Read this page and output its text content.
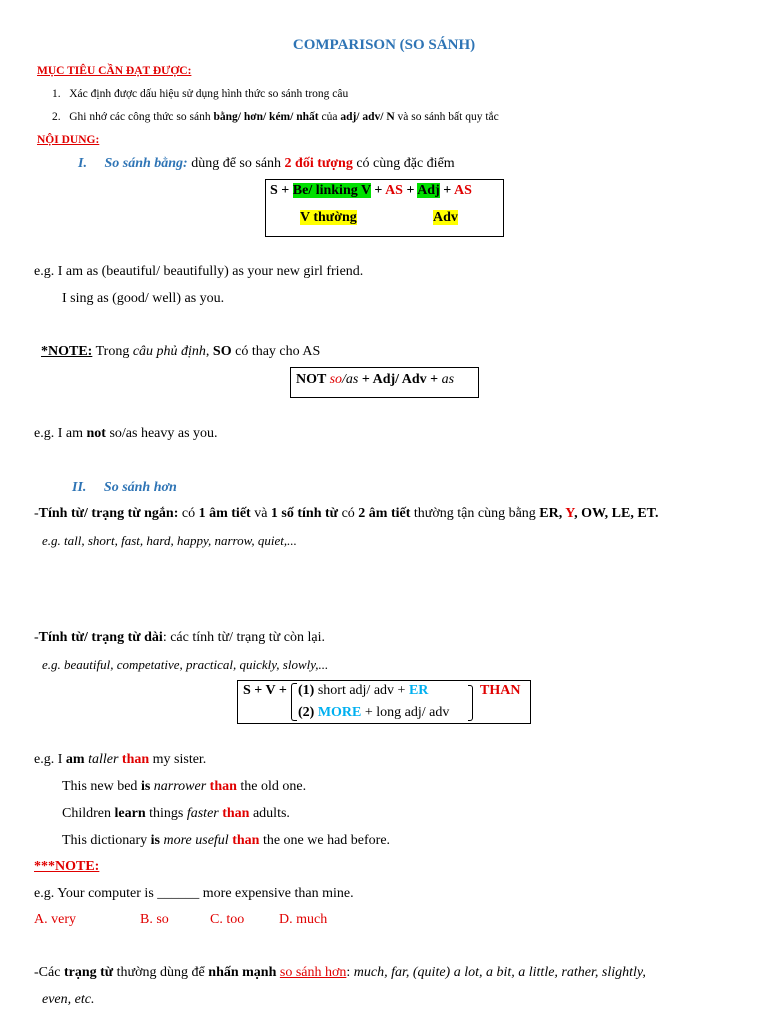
COMPARISON (SO SÁNH)
MỤC TIÊU CẦN ĐẠT ĐƯỢC:
1. Xác định được dấu hiệu sử dụng hình thức so sánh trong câu
2. Ghi nhớ các công thức so sánh bằng/ hơn/ kém/ nhất của adj/ adv/ N và so sánh bất quy tắc
NỘI DUNG:
I. So sánh bằng: dùng để so sánh 2 đối tượng có cùng đặc điểm
S + Be/ linking V + AS + Adj + AS
V thường	Adv
e.g. I am as (beautiful/ beautifully) as your new girl friend.
I sing as (good/ well) as you.
*NOTE: Trong câu phủ định, SO có thay cho AS
NOT so/as + Adj/ Adv + as
e.g. I am not so/as heavy as you.
II. So sánh hơn
-Tính từ/ trạng từ ngắn: có 1 âm tiết và 1 số tính từ có 2 âm tiết thường tận cùng bằng ER, Y, OW, LE, ET.
e.g. tall, short, fast, hard, happy, narrow, quiet,...
-Tính từ/ trạng từ dài: các tính từ/ trạng từ còn lại.
e.g. beautiful, competative, practical, quickly, slowly,...
S + V + (1) short adj/ adv + ER
(2) MORE + long adj/ adv
THAN
e.g. I am taller than my sister.
This new bed is narrower than the old one.
Children learn things faster than adults.
This dictionary is more useful than the one we had before.
***NOTE:
e.g. Your computer is ______ more expensive than mine.
A. very	B. so	C. too D. much
-Các trạng từ thường dùng để nhấn mạnh so sánh hơn: much, far, (quite) a lot, a bit, a little, rather, slightly,
even, etc.
